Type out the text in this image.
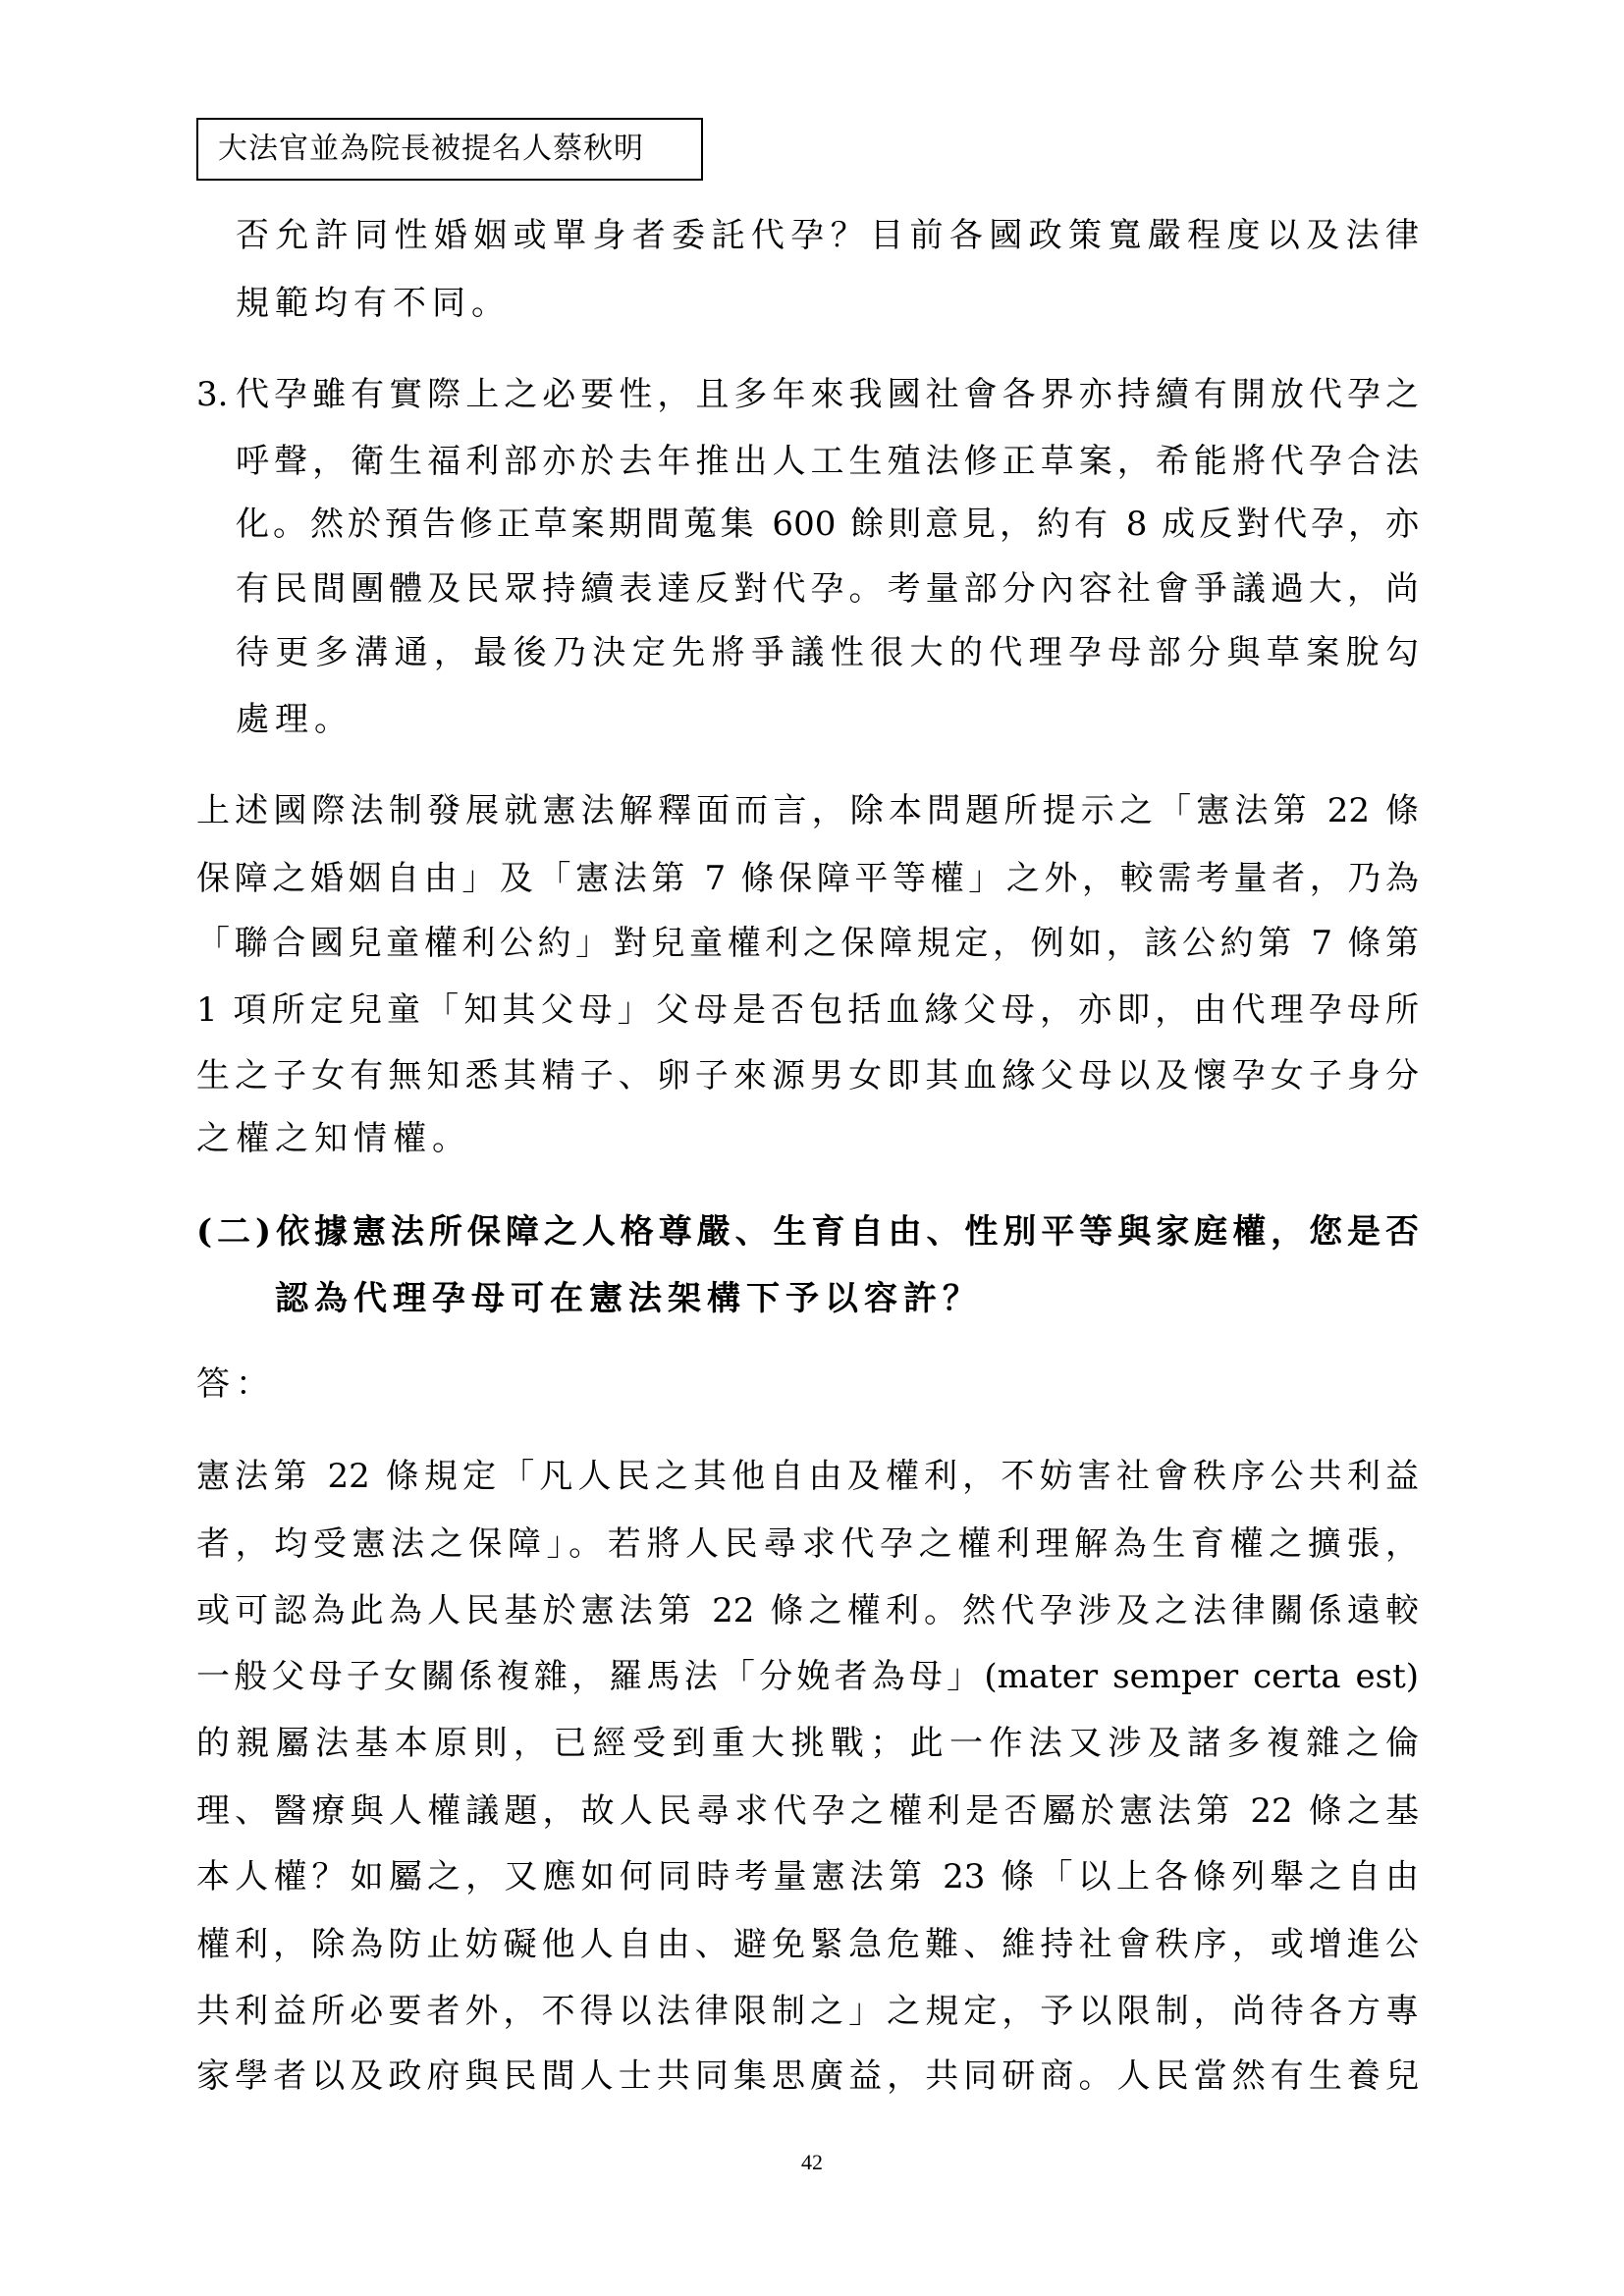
大法官並為院長被提名人蔡秋明
否允許同性婚姻或單身者委託代孕？目前各國政策寬嚴程度以及法律
規範均有不同。
3. 代孕雖有實際上之必要性，且多年來我國社會各界亦持續有開放代孕之
呼聲，衛生福利部亦於去年推出人工生殖法修正草案，希能將代孕合法
化。然於預告修正草案期間蒐集 600 餘則意見，約有 8 成反對代孕，亦
有民間團體及民眾持續表達反對代孕。考量部分內容社會爭議過大，尚
待更多溝通，最後乃決定先將爭議性很大的代理孕母部分與草案脫勾
處理。
上述國際法制發展就憲法解釋面而言，除本問題所提示之「憲法第 22 條
保障之婚姻自由」及「憲法第 7 條保障平等權」之外，較需考量者，乃為
「聯合國兒童權利公約」對兒童權利之保障規定，例如，該公約第 7 條第
1 項所定兒童「知其父母」父母是否包括血緣父母，亦即，由代理孕母所
生之子女有無知悉其精子、卵子來源男女即其血緣父母以及懷孕女子身分
之權之知情權。
(二)依據憲法所保障之人格尊嚴、生育自由、性別平等與家庭權，您是否
認為代理孕母可在憲法架構下予以容許？
答：
憲法第 22 條規定「凡人民之其他自由及權利，不妨害社會秩序公共利益
者，均受憲法之保障」。若將人民尋求代孕之權利理解為生育權之擴張，
或可認為此為人民基於憲法第 22 條之權利。然代孕涉及之法律關係遠較
一般父母子女關係複雜，羅馬法「分娩者為母」(mater semper certa est)
的親屬法基本原則，已經受到重大挑戰；此一作法又涉及諸多複雜之倫
理、醫療與人權議題，故人民尋求代孕之權利是否屬於憲法第 22 條之基
本人權？如屬之，又應如何同時考量憲法第 23 條「以上各條列舉之自由
權利，除為防止妨礙他人自由、避免緊急危難、維持社會秩序，或增進公
共利益所必要者外，不得以法律限制之」之規定，予以限制，尚待各方專
家學者以及政府與民間人士共同集思廣益，共同研商。人民當然有生養兒
42
